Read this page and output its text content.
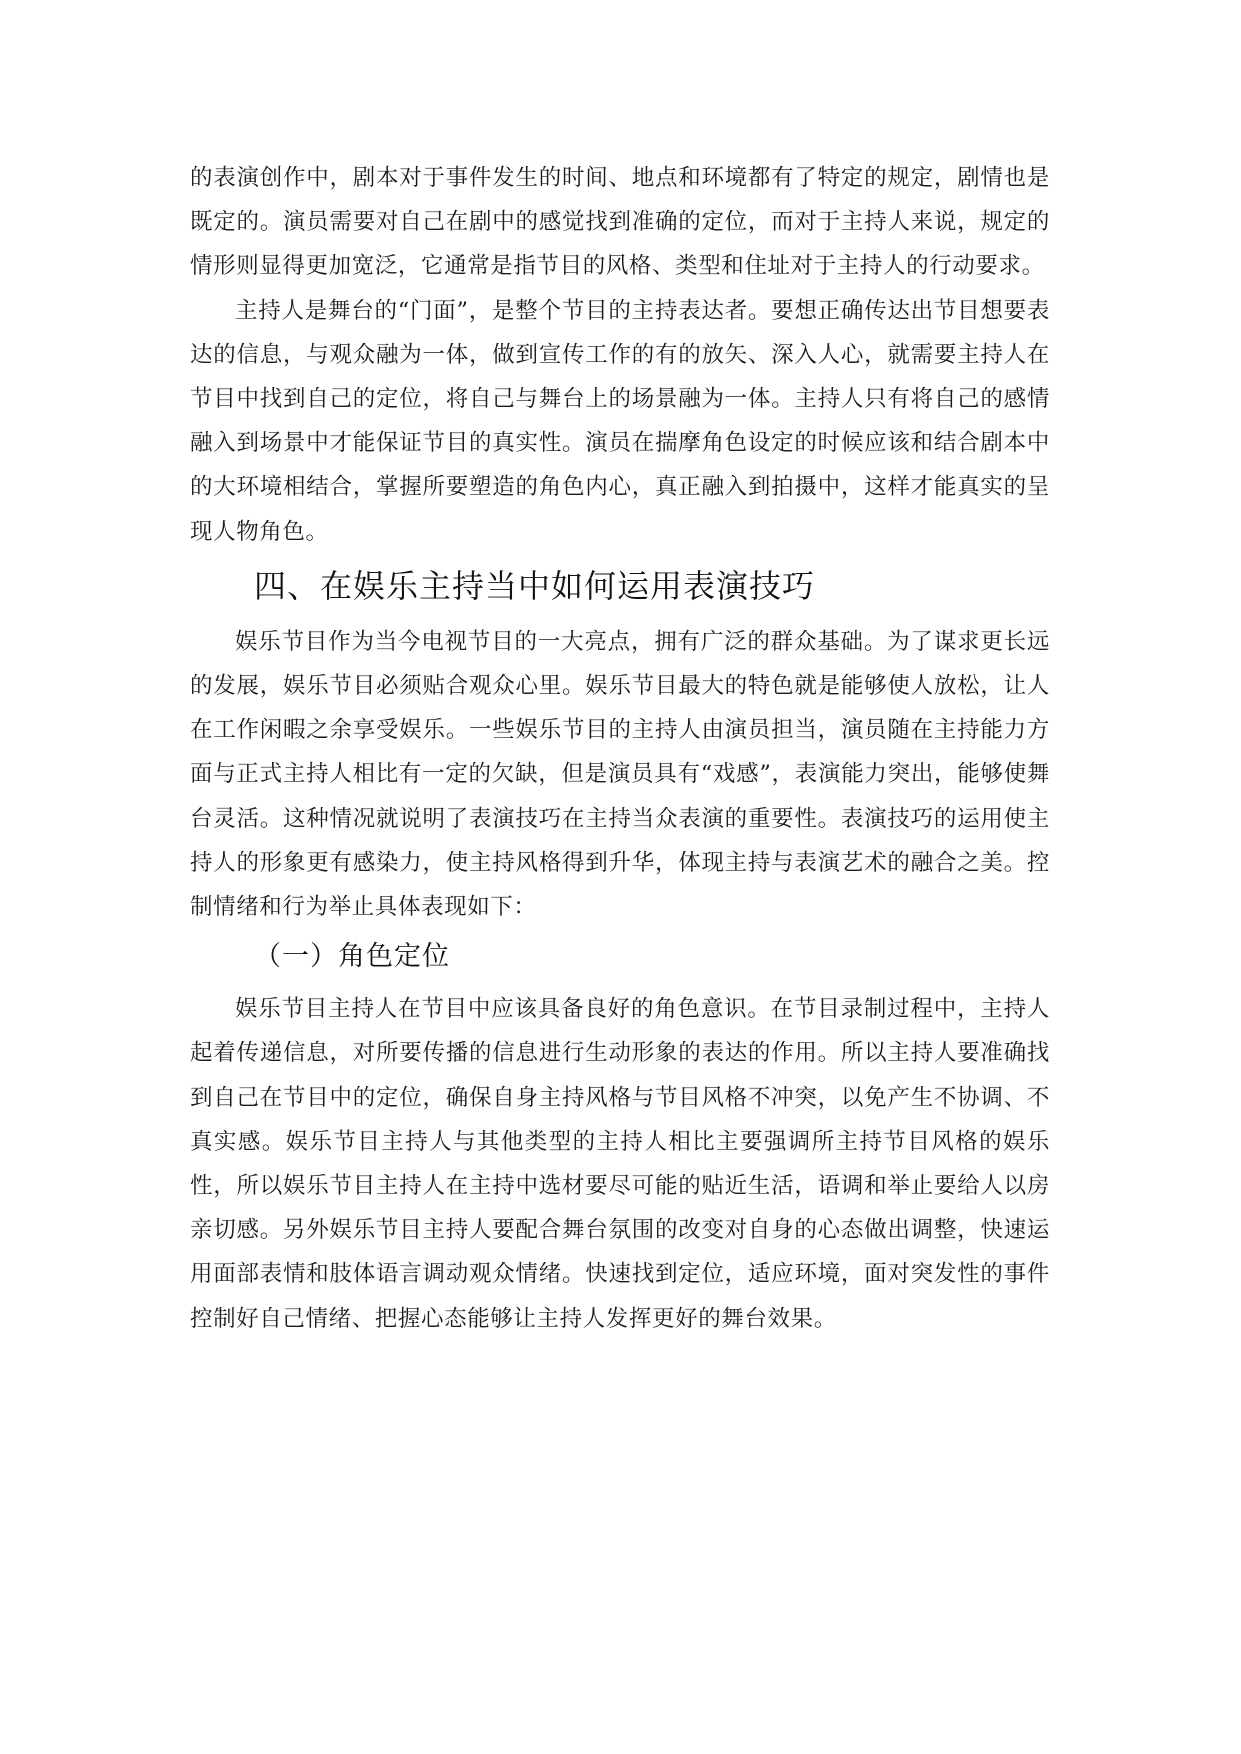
的表演创作中，剧本对于事件发生的时间、地点和环境都有了特定的规定，剧情也是既定的。演员需要对自己在剧中的感觉找到准确的定位，而对于主持人来说，规定的情形则显得更加宽泛，它通常是指节目的风格、类型和住址对于主持人的行动要求。

主持人是舞台的“门面”，是整个节目的主持表达者。要想正确传达出节目想要表达的信息，与观众融为一体，做到宣传工作的有的放矢、深入人心，就需要主持人在节目中找到自己的定位，将自己与舞台上的场景融为一体。主持人只有将自己的感情融入到场景中才能保证节目的真实性。演员在揣摩角色设定的时候应该和结合剧本中的大环境相结合，掌握所要塑造的角色内心，真正融入到拍摄中，这样才能真实的呈现人物角色。

四、在娱乐主持当中如何运用表演技巧

娱乐节目作为当今电视节目的一大亮点，拥有广泛的群众基础。为了谋求更长远的发展，娱乐节目必须贴合观众心里。娱乐节目最大的特色就是能够使人放松，让人在工作闲暇之余享受娱乐。一些娱乐节目的主持人由演员担当，演员随在主持能力方面与正式主持人相比有一定的欠缺，但是演员具有“戏感”，表演能力突出，能够使舞台灵活。这种情况就说明了表演技巧在主持当众表演的重要性。表演技巧的运用使主持人的形象更有感染力，使主持风格得到升华，体现主持与表演艺术的融合之美。控制情绪和行为举止具体表现如下：

（一）角色定位

娱乐节目主持人在节目中应该具备良好的角色意识。在节目录制过程中，主持人起着传递信息，对所要传播的信息进行生动形象的表达的作用。所以主持人要准确找到自己在节目中的定位，确保自身主持风格与节目风格不冲突，以免产生不协调、不真实感。娱乐节目主持人与其他类型的主持人相比主要强调所主持节目风格的娱乐性，所以娱乐节目主持人在主持中选材要尽可能的贴近生活，语调和举止要给人以房亲切感。另外娱乐节目主持人要配合舞台氛围的改变对自身的心态做出调整，快速运用面部表情和肢体语言调动观众情绪。快速找到定位，适应环境，面对突发性的事件控制好自己情绪、把握心态能够让主持人发挥更好的舞台效果。
